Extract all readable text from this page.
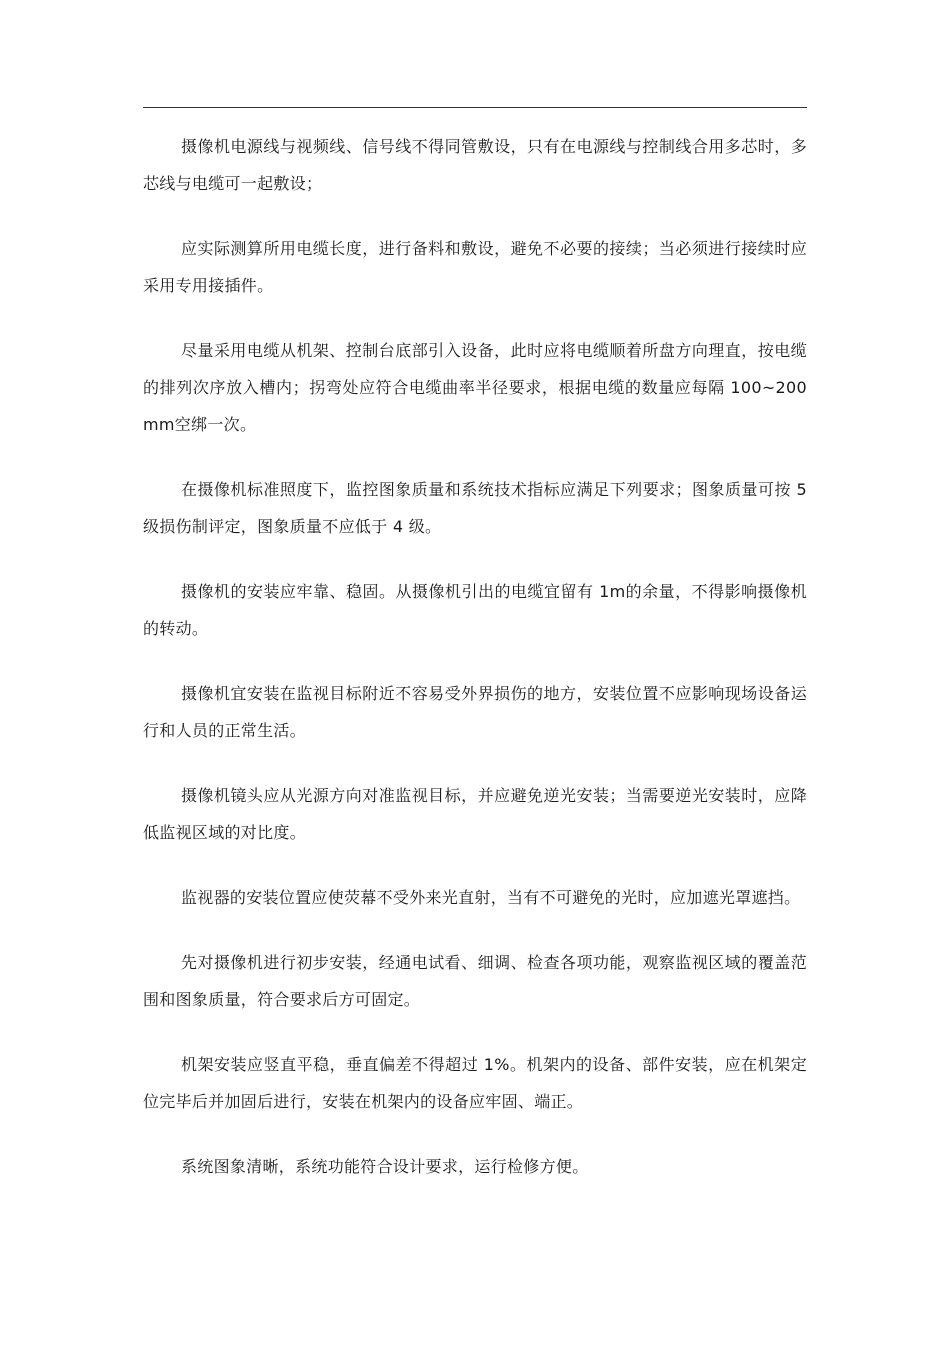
摄像机电源线与视频线、信号线不得同管敷设，只有在电源线与控制线合用多芯时，多芯线与电缆可一起敷设；

应实际测算所用电缆长度，进行备料和敷设，避免不必要的接续；当必须进行接续时应采用专用接插件。

尽量采用电缆从机架、控制台底部引入设备，此时应将电缆顺着所盘方向理直，按电缆的排列次序放入槽内；拐弯处应符合电缆曲率半径要求，根据电缆的数量应每隔 100~200mm空绑一次。

在摄像机标准照度下，监控图象质量和系统技术指标应满足下列要求；图象质量可按 5 级损伤制评定，图象质量不应低于 4 级。

摄像机的安装应牢靠、稳固。从摄像机引出的电缆宜留有 1m的余量，不得影响摄像机的转动。

摄像机宜安装在监视目标附近不容易受外界损伤的地方，安装位置不应影响现场设备运行和人员的正常生活。

摄像机镜头应从光源方向对准监视目标，并应避免逆光安装；当需要逆光安装时，应降低监视区域的对比度。

监视器的安装位置应使荧幕不受外来光直射，当有不可避免的光时，应加遮光罩遮挡。

先对摄像机进行初步安装，经通电试看、细调、检查各项功能，观察监视区域的覆盖范围和图象质量，符合要求后方可固定。

机架安装应竖直平稳，垂直偏差不得超过 1%。机架内的设备、部件安装，应在机架定位完毕后并加固后进行，安装在机架内的设备应牢固、端正。

系统图象清晰，系统功能符合设计要求，运行检修方便。
